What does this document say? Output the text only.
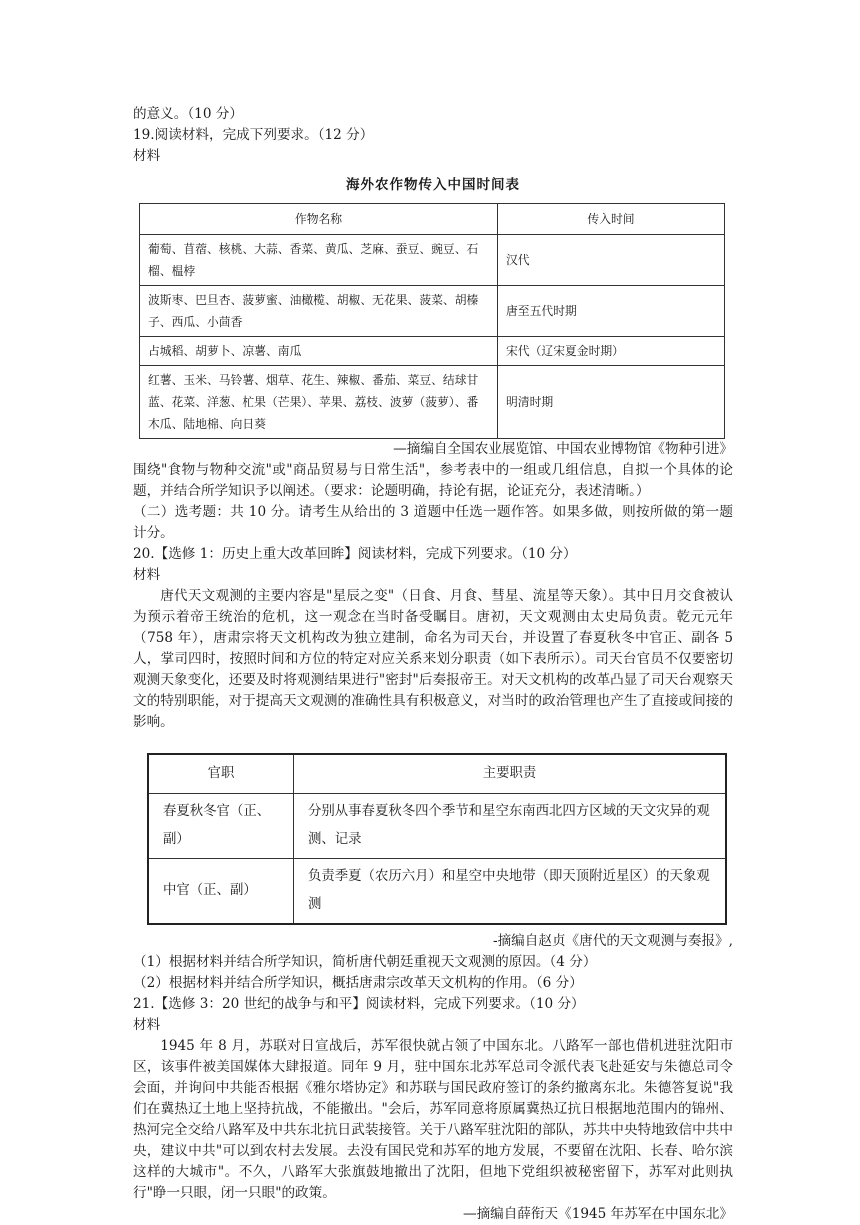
的意义。（10 分）
19.阅读材料，完成下列要求。（12 分）
材料
海外农作物传入中国时间表
作物名称	传入时间
葡萄、苜蓿、核桃、大蒜、香菜、黄瓜、芝麻、蚕豆、豌豆、石榴、榅桲	汉代
波斯枣、巴旦杏、菠萝蜜、油橄榄、胡椒、无花果、菠菜、胡榛子、西瓜、小茴香	唐至五代时期
占城稻、胡萝卜、凉薯、南瓜	宋代（辽宋夏金时期）
红薯、玉米、马铃薯、烟草、花生、辣椒、番茄、菜豆、结球甘蓝、花菜、洋葱、杧果（芒果）、苹果、荔枝、波萝（菠萝）、番木瓜、陆地棉、向日葵	明清时期
—摘编自全国农业展览馆、中国农业博物馆《物种引进》
围绕"食物与物种交流"或"商品贸易与日常生活"，参考表中的一组或几组信息，自拟一个具体的论题，并结合所学知识予以阐述。（要求：论题明确，持论有据，论证充分，表述清晰。）
（二）选考题：共 10 分。请考生从给出的 3 道题中任选一题作答。如果多做，则按所做的第一题计分。
20.【选修 1：历史上重大改革回眸】阅读材料，完成下列要求。（10 分）
材料
唐代天文观测的主要内容是"星辰之变"（日食、月食、彗星、流星等天象）。其中日月交食被认为预示着帝王统治的危机，这一观念在当时备受瞩目。唐初，天文观测由太史局负责。乾元元年（758 年），唐肃宗将天文机构改为独立建制，命名为司天台，并设置了春夏秋冬中官正、副各 5 人，掌司四时，按照时间和方位的特定对应关系来划分职责（如下表所示）。司天台官员不仅要密切观测天象变化，还要及时将观测结果进行"密封"后奏报帝王。对天文机构的改革凸显了司天台观察天文的特别职能，对于提高天文观测的准确性具有积极意义，对当时的政治管理也产生了直接或间接的影响。
官职	主要职责
春夏秋冬官（正、副）	分别从事春夏秋冬四个季节和星空东南西北四方区域的天文灾异的观测、记录
中官（正、副）	负责季夏（农历六月）和星空中央地带（即天顶附近星区）的天象观测
-摘编自赵贞《唐代的天文观测与奏报》,
（1）根据材料并结合所学知识，简析唐代朝廷重视天文观测的原因。（4 分）
（2）根据材料并结合所学知识，概括唐肃宗改革天文机构的作用。（6 分）
21.【选修 3：20 世纪的战争与和平】阅读材料，完成下列要求。（10 分）
材料
1945 年 8 月，苏联对日宣战后，苏军很快就占领了中国东北。八路军一部也借机进驻沈阳市区，该事件被美国媒体大肆报道。同年 9 月，驻中国东北苏军总司令派代表飞赴延安与朱德总司令会面，并询问中共能否根据《雅尔塔协定》和苏联与国民政府签订的条约撤离东北。朱德答复说"我们在冀热辽土地上坚持抗战，不能撤出。"会后，苏军同意将原属冀热辽抗日根据地范围内的锦州、热河完全交给八路军及中共东北抗日武装接管。关于八路军驻沈阳的部队，苏共中央特地致信中共中央，建议中共"可以到农村去发展。去没有国民党和苏军的地方发展，不要留在沈阳、长春、哈尔滨这样的大城市"。不久，八路军大张旗鼓地撤出了沈阳，但地下党组织被秘密留下，苏军对此则执行"睁一只眼，闭一只眼"的政策。
—摘编自薛衔天《1945 年苏军在中国东北》
